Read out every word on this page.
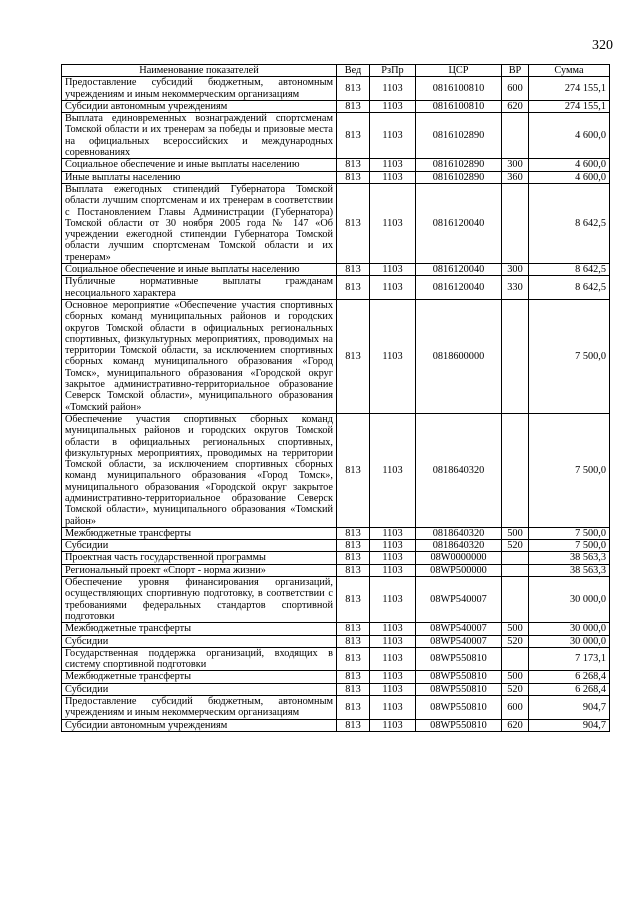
320
Наименование показателей	Вед	РзПр	ЦСР	ВР	Сумма
Предоставление субсидий бюджетным, автономным учреждениям и иным некоммерческим организациям	813	1103	0816100810	600	274 155,1
Субсидии автономным учреждениям	813	1103	0816100810	620	274 155,1
Выплата единовременных вознаграждений спортсменам Томской области и их тренерам за победы и призовые места на официальных всероссийских и международных соревнованиях	813	1103	0816102890		4 600,0
Социальное обеспечение и иные выплаты населению	813	1103	0816102890	300	4 600,0
Иные выплаты населению	813	1103	0816102890	360	4 600,0
Выплата ежегодных стипендий Губернатора Томской области лучшим спортсменам и их тренерам в соответствии с Постановлением Главы Администрации (Губернатора) Томской области от 30 ноября 2005 года № 147 «Об учреждении ежегодной стипендии Губернатора Томской области лучшим спортсменам Томской области и их тренерам»	813	1103	0816120040		8 642,5
Социальное обеспечение и иные выплаты населению	813	1103	0816120040	300	8 642,5
Публичные нормативные выплаты гражданам несоциального характера	813	1103	0816120040	330	8 642,5
Основное мероприятие «Обеспечение участия спортивных сборных команд муниципальных районов и городских округов Томской области в официальных региональных спортивных, физкультурных мероприятиях, проводимых на территории Томской области, за исключением спортивных сборных команд муниципального образования «Город Томск», муниципального образования «Городской округ закрытое административно-территориальное образование Северск Томской области», муниципального образования «Томский район»	813	1103	0818600000		7 500,0
Обеспечение участия спортивных сборных команд муниципальных районов и городских округов Томской области в официальных региональных спортивных, физкультурных мероприятиях, проводимых на территории Томской области, за исключением спортивных сборных команд муниципального образования «Город Томск», муниципального образования «Городской округ закрытое административно-территориальное образование Северск Томской области», муниципального образования «Томский район»	813	1103	0818640320		7 500,0
Межбюджетные трансферты	813	1103	0818640320	500	7 500,0
Субсидии	813	1103	0818640320	520	7 500,0
Проектная часть государственной программы	813	1103	08W0000000		38 563,3
Региональный проект «Спорт - норма жизни»	813	1103	08WP500000		38 563,3
Обеспечение уровня финансирования организаций, осуществляющих спортивную подготовку, в соответствии с требованиями федеральных стандартов спортивной подготовки	813	1103	08WP540007		30 000,0
Межбюджетные трансферты	813	1103	08WP540007	500	30 000,0
Субсидии	813	1103	08WP540007	520	30 000,0
Государственная поддержка организаций, входящих в систему спортивной подготовки	813	1103	08WP550810		7 173,1
Межбюджетные трансферты	813	1103	08WP550810	500	6 268,4
Субсидии	813	1103	08WP550810	520	6 268,4
Предоставление субсидий бюджетным, автономным учреждениям и иным некоммерческим организациям	813	1103	08WP550810	600	904,7
Субсидии автономным учреждениям	813	1103	08WP550810	620	904,7
